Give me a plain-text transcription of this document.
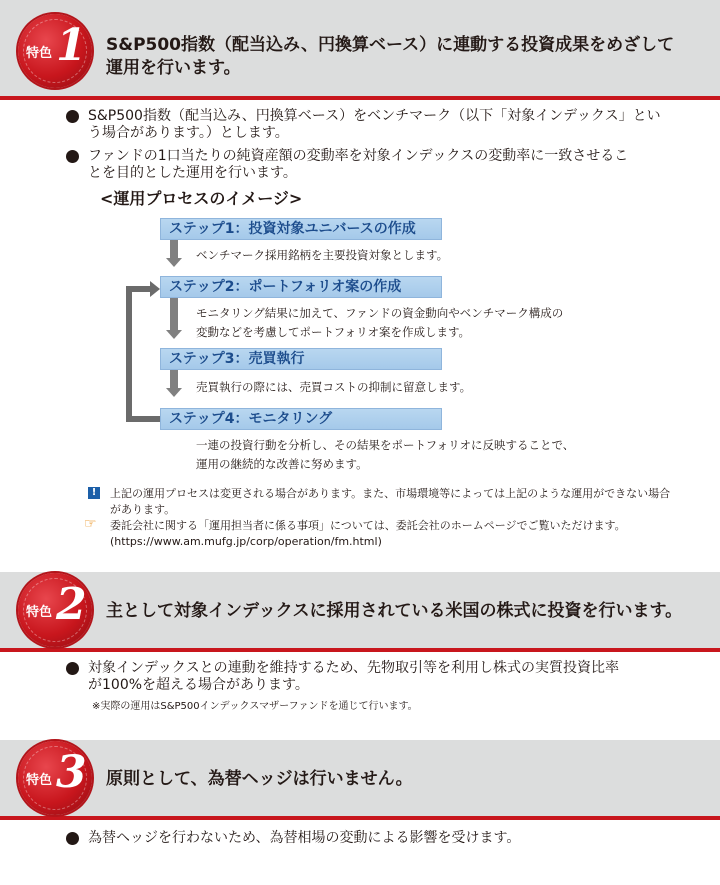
特色 1 S&P500指数（配当込み、円換算ベース）に連動する投資成果をめざして
運用を行います。
S&P500指数（配当込み、円換算ベース）をベンチマーク（以下「対象インデックス」とい
う場合があります。）とします。
ファンドの1口当たりの純資産額の変動率を対象インデックスの変動率に一致させるこ
とを目的とした運用を行います。
<運用プロセスのイメージ>
ステップ1：投資対象ユニバースの作成
ベンチマーク採用銘柄を主要投資対象とします。
ステップ2：ポートフォリオ案の作成
モニタリング結果に加えて、ファンドの資金動向やベンチマーク構成の
変動などを考慮してポートフォリオ案を作成します。
ステップ3：売買執行
売買執行の際には、売買コストの抑制に留意します。
ステップ4：モニタリング
一連の投資行動を分析し、その結果をポートフォリオに反映することで、
運用の継続的な改善に努めます。
!	上記の運用プロセスは変更される場合があります。また、市場環境等によっては上記のような運用ができない場合
があります。
☞ 委託会社に関する「運用担当者に係る事項」については、委託会社のホームページでご覧いただけます。
(https://www.am.mufg.jp/corp/operation/fm.html)
特色 2 主として対象インデックスに採用されている米国の株式に投資を行います。
対象インデックスとの連動を維持するため、先物取引等を利用し株式の実質投資比率
が100%を超える場合があります。
※実際の運用はS&P500インデックスマザーファンドを通じて行います。
特色 3 原則として、為替ヘッジは行いません。
為替ヘッジを行わないため、為替相場の変動による影響を受けます。
